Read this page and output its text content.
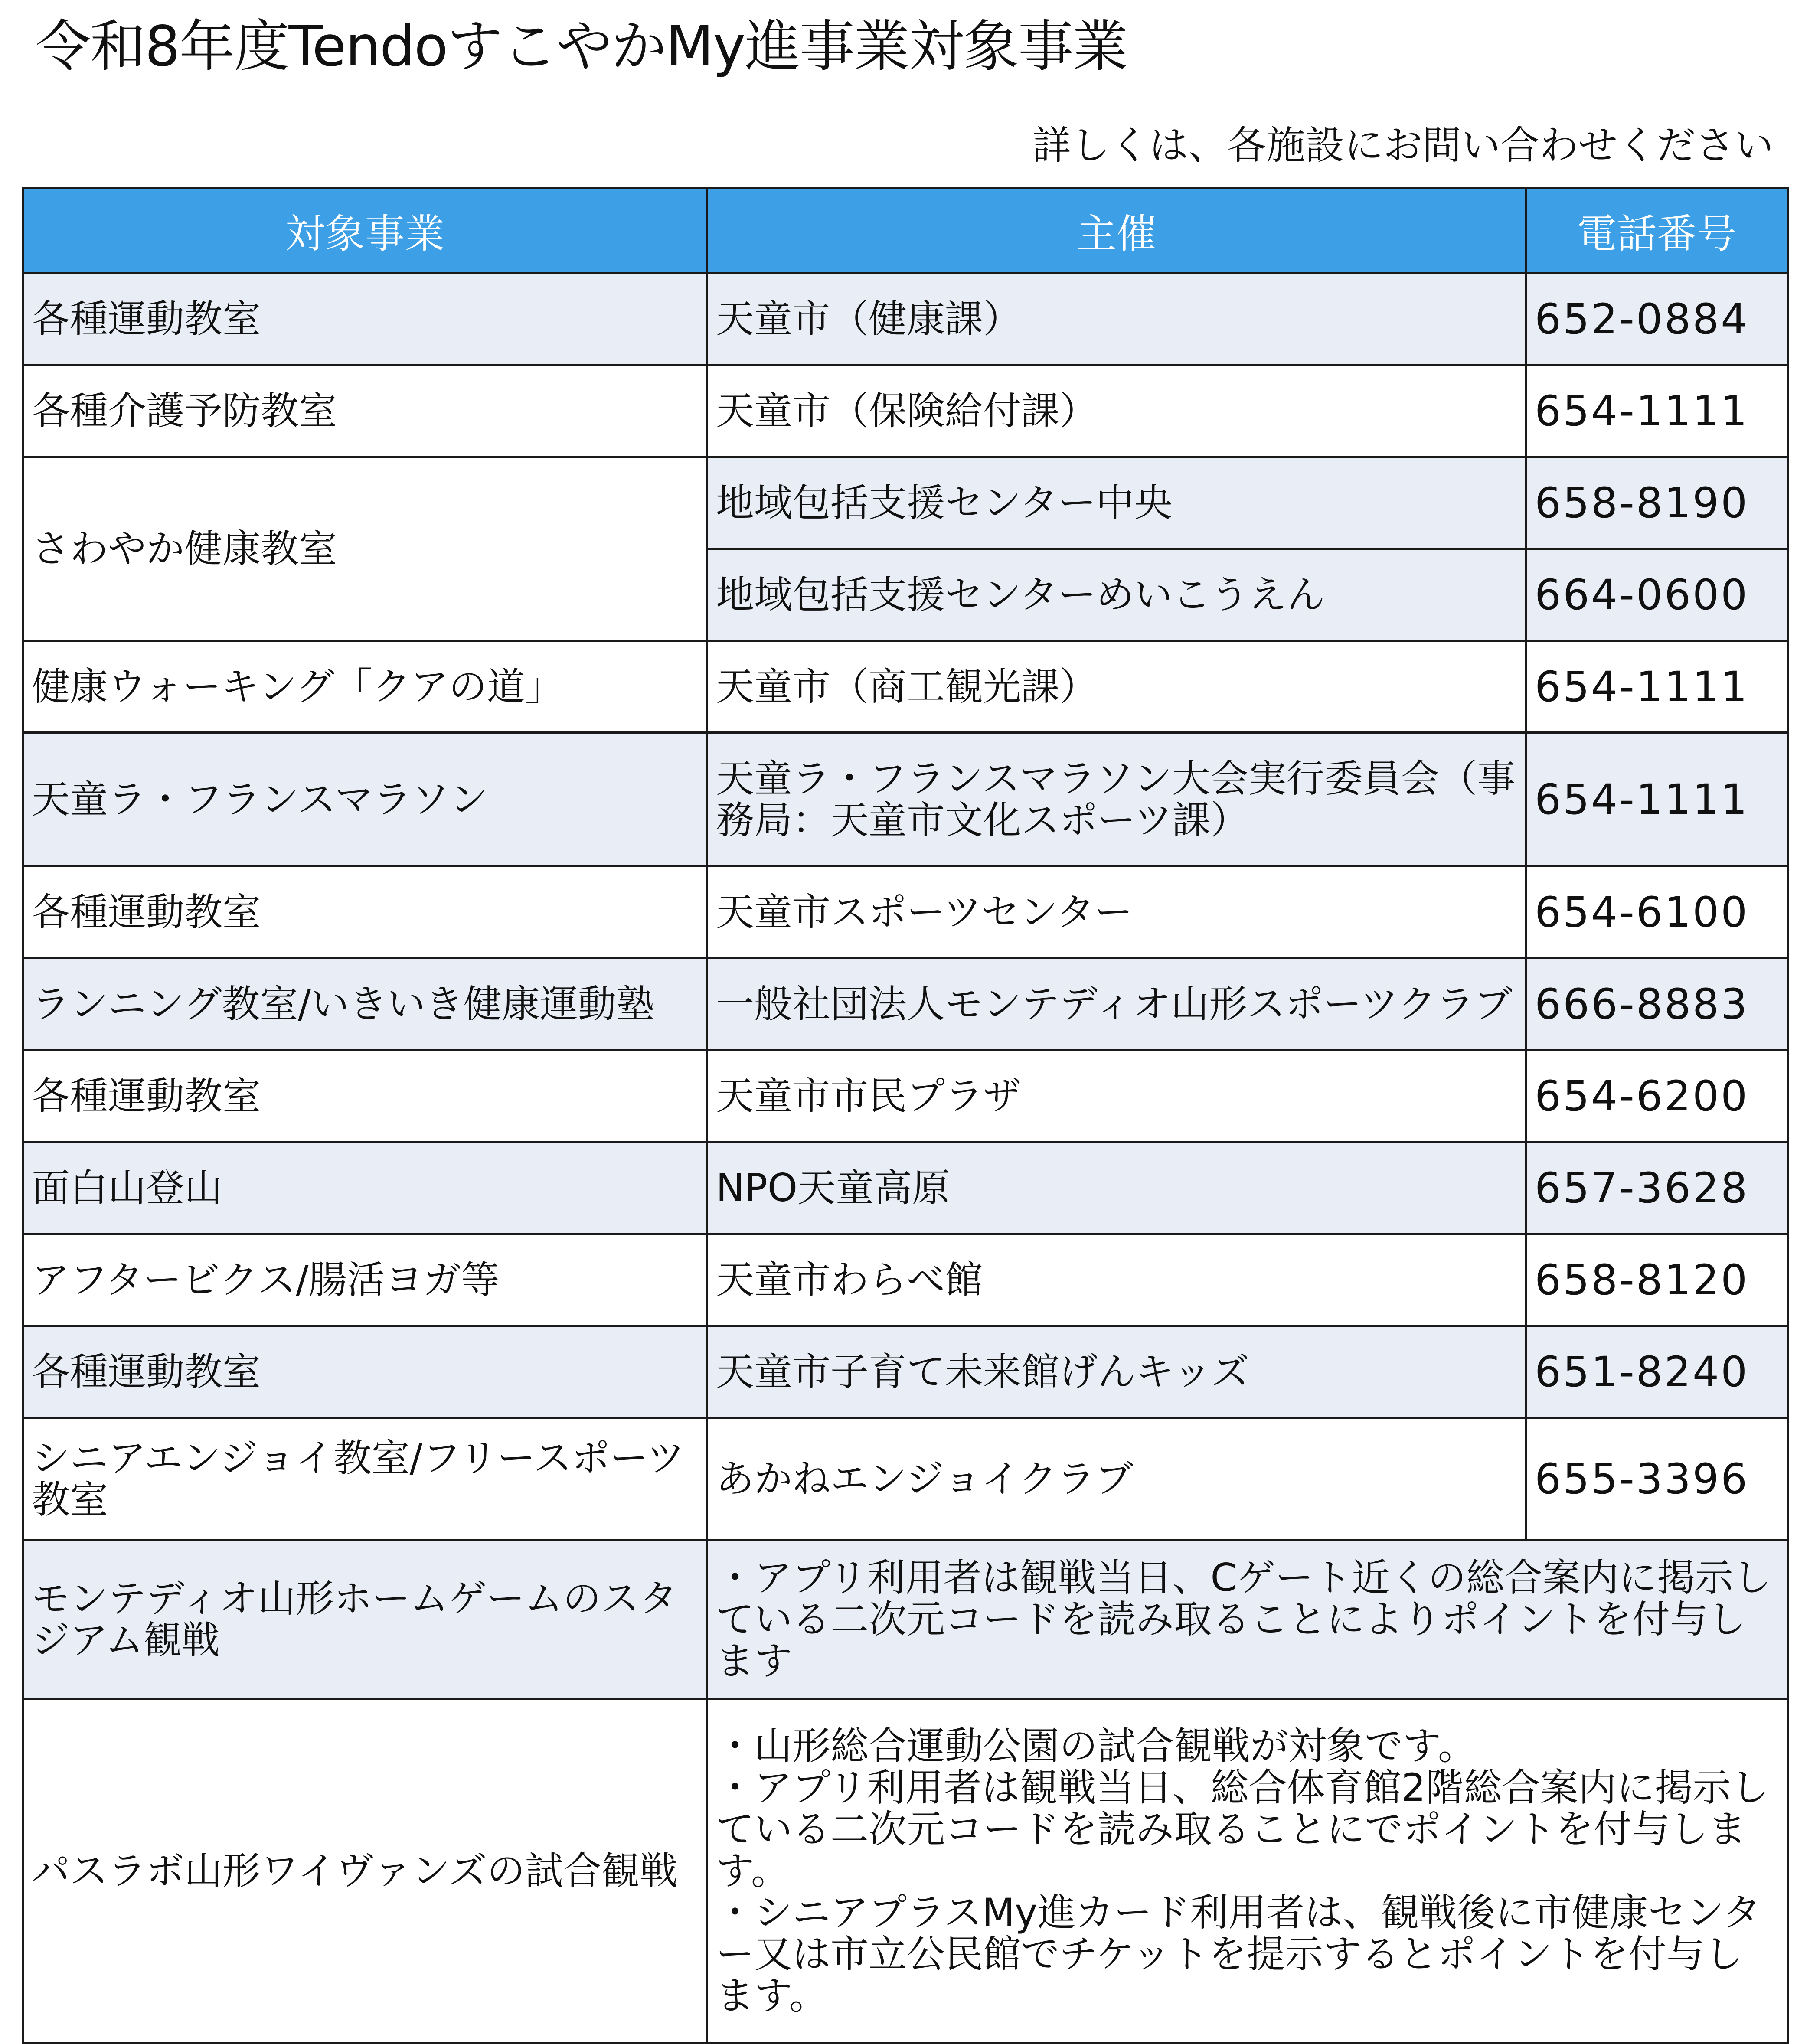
令和8年度TendoすこやかMy進事業対象事業
詳しくは、各施設にお問い合わせください
対象事業	主催	電話番号
各種運動教室	天童市（健康課）	652-0884
各種介護予防教室	天童市（保険給付課）	654-1111
さわやか健康教室	地域包括支援センター中央	658-8190
	地域包括支援センターめいこうえん	664-0600
健康ウォーキング「クアの道」	天童市（商工観光課）	654-1111
天童ラ・フランスマラソン	天童ラ・フランスマラソン大会実行委員会（事務局：天童市文化スポーツ課）	654-1111
各種運動教室	天童市スポーツセンター	654-6100
ランニング教室/いきいき健康運動塾	一般社団法人モンテディオ山形スポーツクラブ	666-8883
各種運動教室	天童市市民プラザ	654-6200
面白山登山	NPO天童高原	657-3628
アフタービクス/腸活ヨガ等	天童市わらべ館	658-8120
各種運動教室	天童市子育て未来館げんキッズ	651-8240
シニアエンジョイ教室/フリースポーツ教室	あかねエンジョイクラブ	655-3396
モンテディオ山形ホームゲームのスタジアム観戦	・アプリ利用者は観戦当日、Cゲート近くの総合案内に掲示している二次元コードを読み取ることによりポイントを付与します	

パスラボ山形ワイヴァンズの試合観戦	・山形総合運動公園の試合観戦が対象です。
・アプリ利用者は観戦当日、総合体育館2階総合案内に掲示している二次元コードを読み取ることにでポイントを付与します。
・シニアプラスMy進カード利用者は、観戦後に市健康センター又は市立公民館でチケットを提示するとポイントを付与します。	
